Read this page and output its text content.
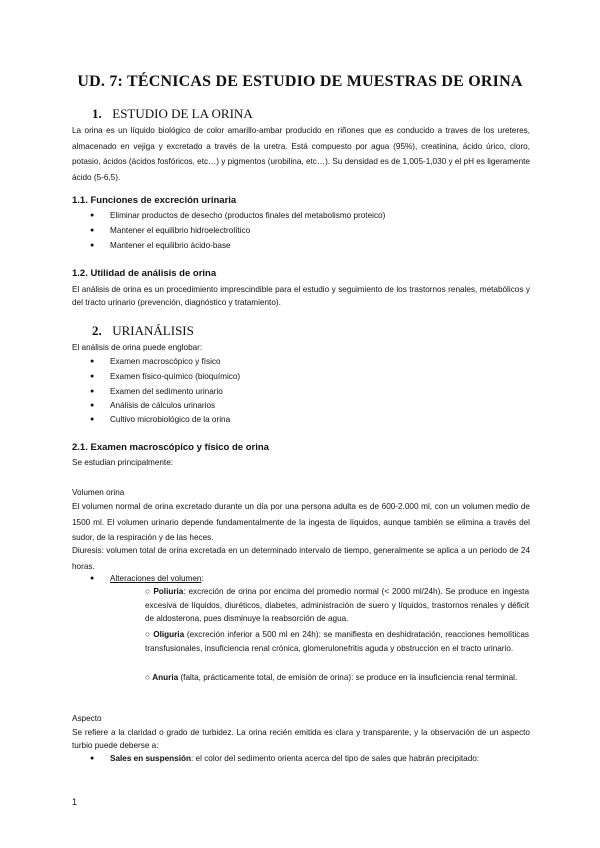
UD. 7: TÉCNICAS DE ESTUDIO DE MUESTRAS DE ORINA
1. ESTUDIO DE LA ORINA
La orina es un líquido biológico de color amarillo-ambar producido en riñones que es conducido a traves de los ureteres, almacenado en vejiga y excretado a través de la uretra. Está compuesto por agua (95%), creatinina, ácido úrico, cloro, potasio, ácidos (ácidos fosfóricos, etc…) y pigmentos (urobilina, etc…). Su densidad es de 1,005-1,030 y el pH es ligeramente ácido (5-6,5).
1.1. Funciones de excreción urinaria
● Eliminar productos de desecho (productos finales del metabolismo proteico)
● Mantener el equilibrio hidroelectrolítico
● Mantener el equilibrio ácido-base
1.2. Utilidad de análisis de orina
El análisis de orina es un procedimiento imprescindible para el estudio y seguimiento de los trastornos renales, metabólicos y del tracto urinario (prevención, diagnóstico y tratamiento).
2. URIANÁLISIS
El análisis de orina puede englobar:
● Examen macroscópico y físico
● Examen físico-químico (bioquímico)
● Examen del sedimento urinario
● Análisis de cálculos urinarios
● Cultivo microbiológico de la orina
2.1. Examen macroscópico y físico de orina
Se estudian principalmente:
Volumen orina
El volumen normal de orina excretado durante un día por una persona adulta es de 600-2.000 ml, con un volumen medio de 1500 ml. El volumen urinario depende fundamentalmente de la ingesta de líquidos, aunque también se elimina a través del sudor, de la respiración y de las heces.
Diuresis: volumen total de orina excretada en un determinado intervalo de tiempo, generalmente se aplica a un periodo de 24 horas.
● Alteraciones del volumen:
○ Poliuria: excreción de orina por encima del promedio normal (< 2000 ml/24h). Se produce en ingesta excesiva de líquidos, diuréticos, diabetes, administración de suero y líquidos, trastornos renales y déficit de aldosterona, pues disminuye la reabsorción de agua.
○ Oliguria (excreción inferior a 500 ml en 24h): se manifiesta en deshidratación, reacciones hemolíticas transfusionales, insuficiencia renal crónica, glomerulonefritis aguda y obstrucción en el tracto urinario.
○ Anuria (falta, prácticamente total, de emisión de orina): se produce en la insuficiencia renal terminal.
Aspecto
Se refiere a la claridad o grado de turbidez. La orina recién emitida es clara y transparente, y la observación de un aspecto turbio puede deberse a:
● Sales en suspensión: el color del sedimento orienta acerca del tipo de sales que habrán precipitado:
1
